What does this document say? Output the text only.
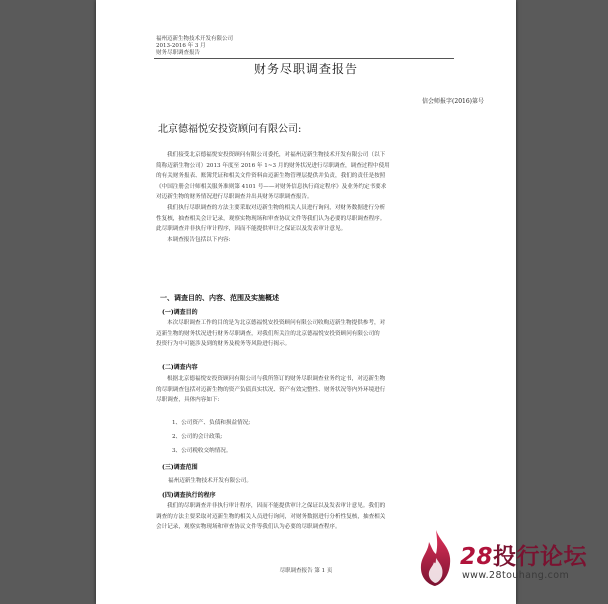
福州迈新生物技术开发有限公司
2013-2016 年 3 月
财务尽职调查报告
财务尽职调查报告
信会师报字(2016)第号
北京德福悦安投资顾问有限公司:
我们接受北京德福悦安投资顾问有限公司委托，对福州迈新生物技术开发有限公司（以下
简称迈新生物公司）2013 年度至 2016 年 1~3 月的财务状况进行尽职调查，调查过程中使用
的有关财务报表、账簿凭证和相关文件资料由迈新生物管理层提供并负责，我们的责任是按照
《中国注册会计师相关服务准则第 4101 号——对财务信息执行商定程序》及业务约定书要求
对迈新生物的财务情况进行尽职调查并出具财务尽职调查报告。
我们执行尽职调查的方法主要采取对迈新生物的相关人员进行询问，对财务数据进行分析
性复核，抽查相关会计记录，观察实物现场和审查协议文件等我们认为必要的尽职调查程序。
此尽职调查并非执行审计程序，因而不能提供审计之保证以及发表审计意见。
本调查报告包括以下内容:
一、调查目的、内容、范围及实施概述
(一)调查目的
本次尽职调查工作的目的是为北京德福悦安投资顾问有限公司收购迈新生物提供参考，对
迈新生物的财务状况进行财务尽职调查，对我们所关注的北京德福悦安投资顾问有限公司的
投资行为中可能涉及到的财务及税务等风险进行揭示。
(二)调查内容
根据北京德福悦安投资顾问有限公司与我所签订的财务尽职调查业务约定书，对迈新生物
的尽职调查包括对迈新生物的资产负债真实状况、资产有效完整性、财务状况等内外环境进行
尽职调查，具体内容如下:
1、公司资产、负债和损益情况;
2、公司的会计政策;
3、公司税收交纳情况。
(三)调查范围
福州迈新生物技术开发有限公司。
(四)调查执行的程序
我们的尽职调查并非执行审计程序，因而不能提供审计之保证以及发表审计意见。我们的
调查的方法主要采取对迈新生物的相关人员进行询问，对财务数据进行分析性复核，抽查相关
会计记录，观察实物现场和审查协议文件等我们认为必要的尽职调查程序。
尽职调查报告 第 1 页
28投行论坛
www.28touhang.com
